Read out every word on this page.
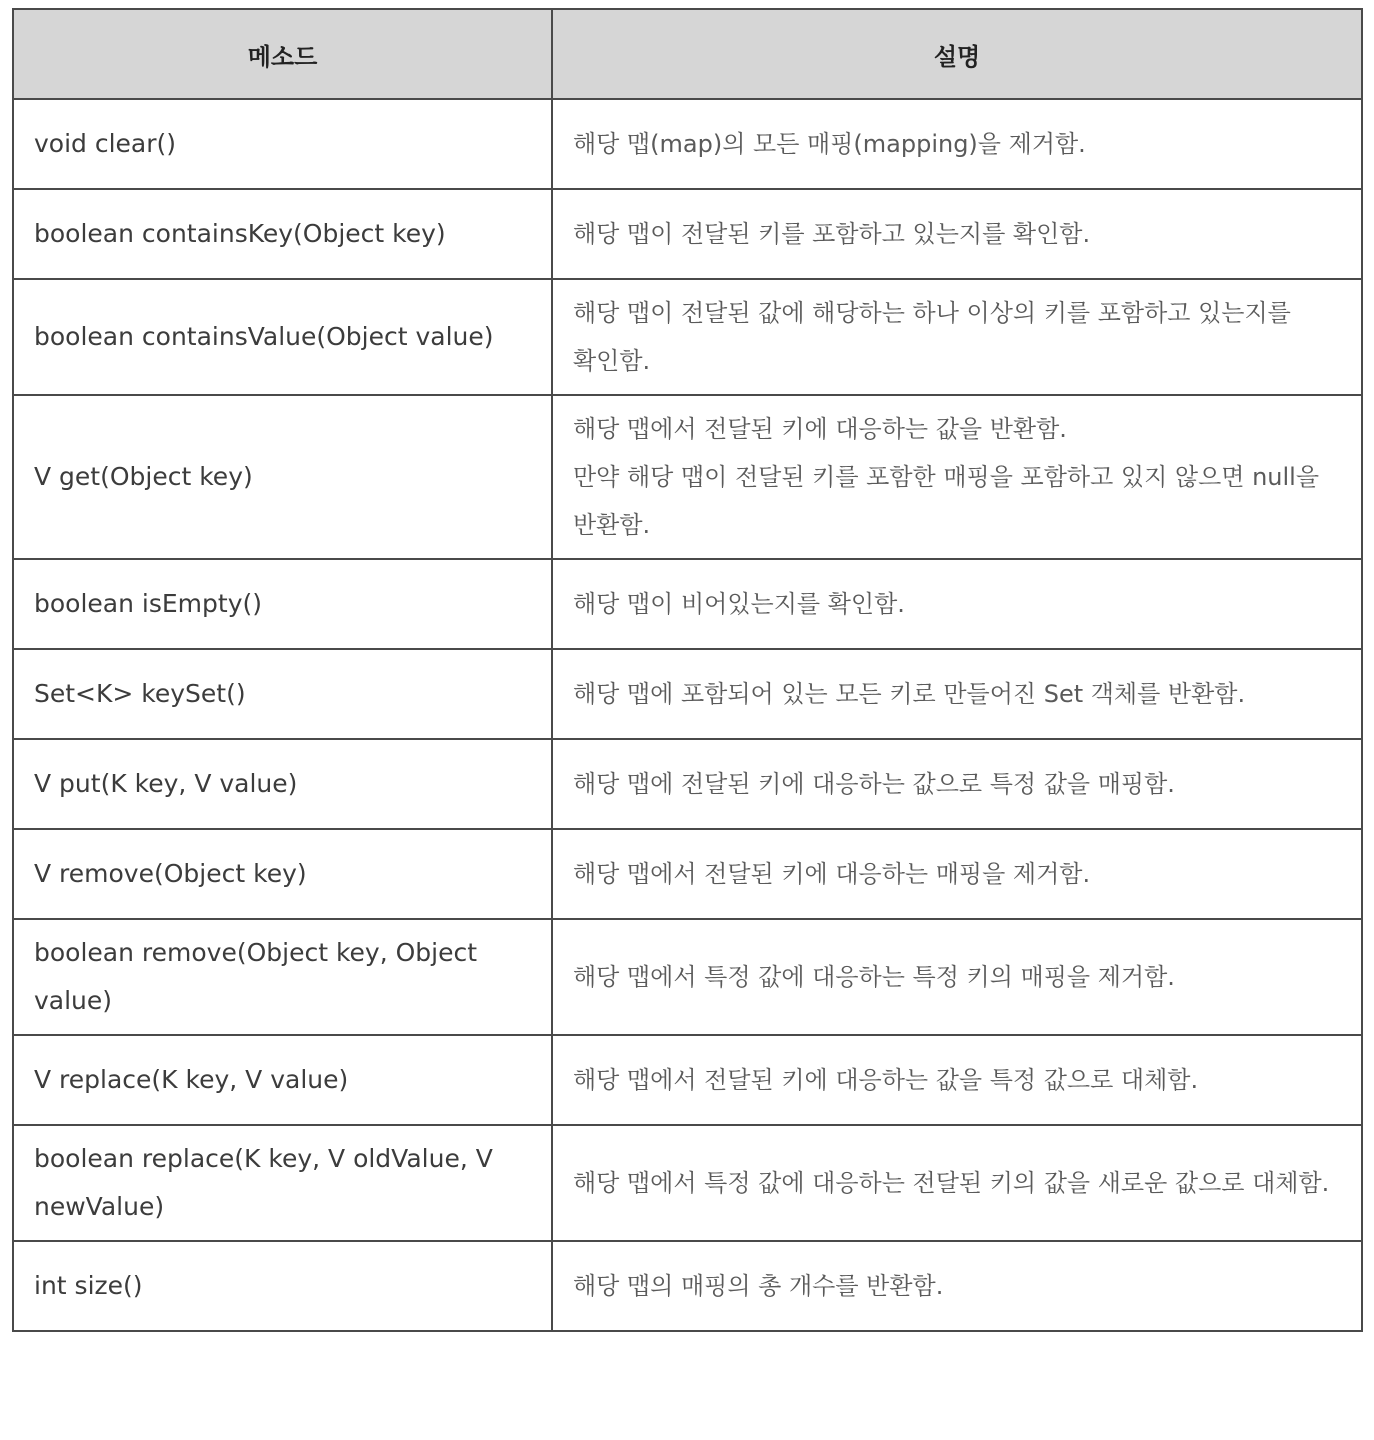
메소드	설명
void clear()	해당 맵(map)의 모든 매핑(mapping)을 제거함.

boolean containsKey(Object key)	해당 맵이 전달된 키를 포함하고 있는지를 확인함.

boolean containsValue(Object value)	해당 맵이 전달된 값에 해당하는 하나 이상의 키를 포함하고 있는지를 확인함.

V get(Object key)	해당 맵에서 전달된 키에 대응하는 값을 반환함.
만약 해당 맵이 전달된 키를 포함한 매핑을 포함하고 있지 않으면 null을 반환함.

boolean isEmpty()	해당 맵이 비어있는지를 확인함.

Set<K> keySet()	해당 맵에 포함되어 있는 모든 키로 만들어진 Set 객체를 반환함.

V put(K key, V value)	해당 맵에 전달된 키에 대응하는 값으로 특정 값을 매핑함.

V remove(Object key)	해당 맵에서 전달된 키에 대응하는 매핑을 제거함.

boolean remove(Object key, Object value)	해당 맵에서 특정 값에 대응하는 특정 키의 매핑을 제거함.

V replace(K key, V value)	해당 맵에서 전달된 키에 대응하는 값을 특정 값으로 대체함.

boolean replace(K key, V oldValue, V newValue)	해당 맵에서 특정 값에 대응하는 전달된 키의 값을 새로운 값으로 대체함.

int size()	해당 맵의 매핑의 총 개수를 반환함.
